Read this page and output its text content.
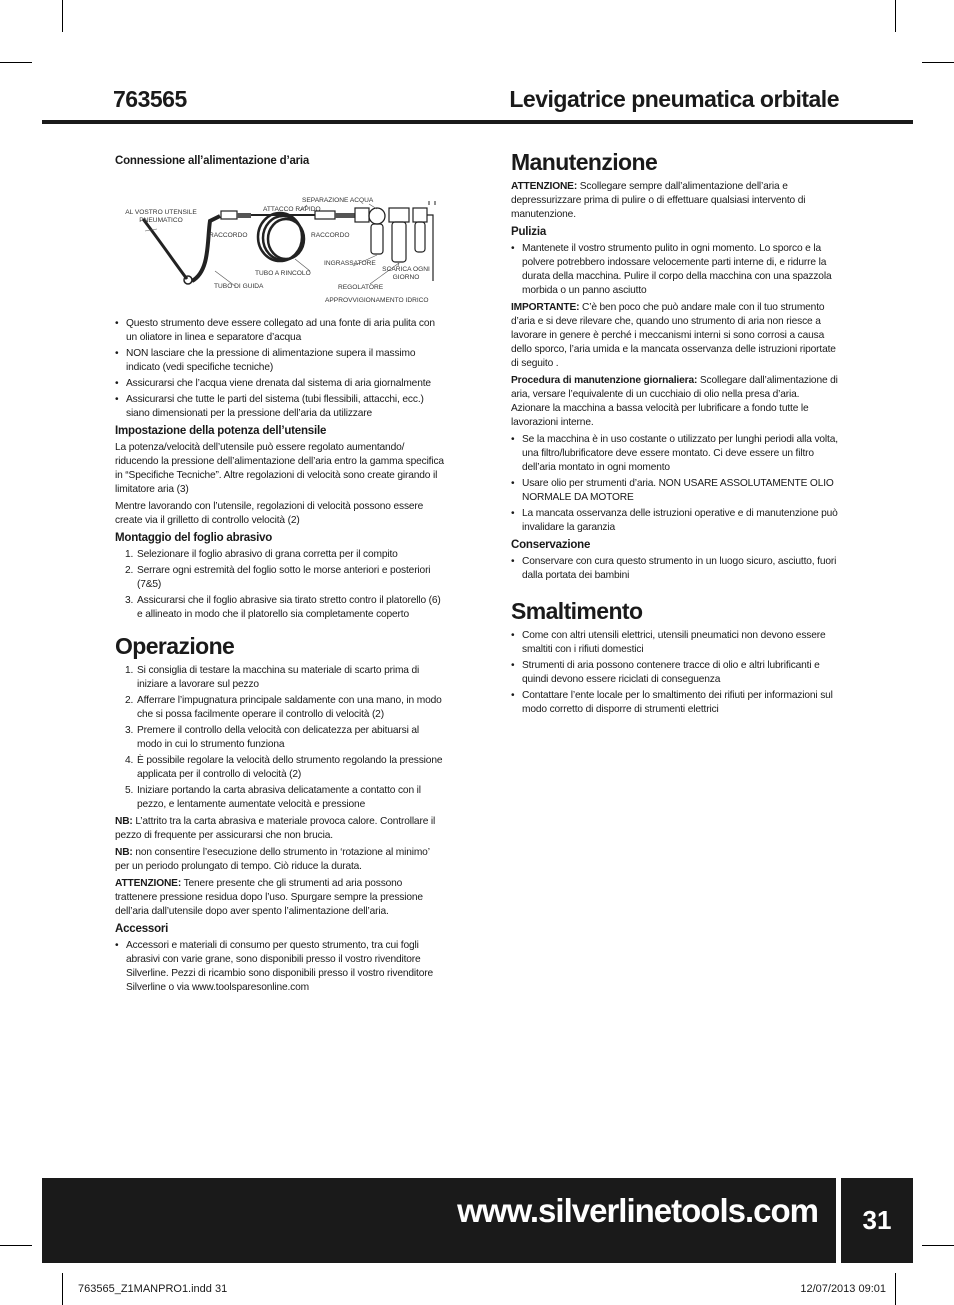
763565	Levigatrice pneumatica orbitale
Connessione all’alimentazione d’aria
AL VOSTRO UTENSILE PNEUMATICO
SEPARAZIONE ACQUA
ATTACCO RAPIDO
RACCORDO	RACCORDO
INGRASSATORE
SCARICA OGNI GIORNO
TUBO A RINCOLO
TUBO DI GUIDA	REGOLATORE
APPROVVIGIONAMENTO IDRICO
• Questo strumento deve essere collegato ad una fonte di aria pulita con un oliatore in linea e separatore d’acqua
• NON lasciare che la pressione di alimentazione supera il massimo indicato (vedi specifiche tecniche)
• Assicurarsi che l’acqua viene drenata dal sistema di aria giornalmente
• Assicurarsi che tutte le parti del sistema (tubi flessibili, attacchi, ecc.) siano dimensionati per la pressione dell’aria da utilizzare
Impostazione della potenza dell’utensile

La potenza/velocità dell’utensile può essere regolato aumentando/ riducendo la pressione dell’alimentazione dell’aria entro la gamma specifica in “Specifiche Tecniche”. Altre regolazioni di velocità sono create girando il limitatore aria (3)

Mentre lavorando con l’utensile, regolazioni di velocità possono essere create via il grilletto di controllo velocità (2)

Montaggio del foglio abrasivo
1. Selezionare il foglio abrasivo di grana corretta per il compito
2. Serrare ogni estremità del foglio sotto le morse anteriori e posteriori (7&5)
3. Assicurarsi che il foglio abrasive sia tirato stretto contro il platorello (6) e allineato in modo che il platorello sia completamente coperto
Operazione
1. Si consiglia di testare la macchina su materiale di scarto prima di iniziare a lavorare sul pezzo
2. Afferrare l’impugnatura principale saldamente con una mano, in modo che si possa facilmente operare il controllo di velocità (2)
3. Premere il controllo della velocità con delicatezza per abituarsi al modo in cui lo strumento funziona
4. È possibile regolare la velocità dello strumento regolando la pressione applicata per il controllo di velocità (2)
5. Iniziare portando la carta abrasiva delicatamente a contatto con il pezzo, e lentamente aumentate velocità e pressione

NB: L’attrito tra la carta abrasiva e materiale provoca calore. Controllare il pezzo di frequente per assicurarsi che non brucia.

NB: non consentire l’esecuzione dello strumento in ‘rotazione al minimo’ per un periodo prolungato di tempo. Ciò riduce la durata.

ATTENZIONE: Tenere presente che gli strumenti ad aria possono trattenere pressione residua dopo l’uso. Spurgare sempre la pressione dell’aria dall’utensile dopo aver spento l’alimentazione dell’aria.

Accessori
• Accessori e materiali di consumo per questo strumento, tra cui fogli abrasivi con varie grane, sono disponibili presso il vostro rivenditore Silverline. Pezzi di ricambio sono disponibili presso il vostro rivenditore Silverline o via www.toolsparesonline.com
Manutenzione

ATTENZIONE: Scollegare sempre dall’alimentazione dell’aria e depressurizzare prima di pulire o di effettuare qualsiasi intervento di manutenzione.

Pulizia
• Mantenete il vostro strumento pulito in ogni momento. Lo sporco e la polvere potrebbero indossare velocemente parti interne di, e ridurre la durata della macchina. Pulire il corpo della macchina con una spazzola morbida o un panno asciutto

IMPORTANTE: C’è ben poco che può andare male con il tuo strumento d’aria e si deve rilevare che, quando uno strumento di aria non riesce a lavorare in genere è perché i meccanismi interni si sono corrosi a causa dello sporco, l’aria umida e la mancata osservanza delle istruzioni riportate di seguito .

Procedura di manutenzione giornaliera: Scollegare dall’alimentazione di aria, versare l’equivalente di un cucchiaio di olio nella presa d’aria. Azionare la macchina a bassa velocità per lubrificare a fondo tutte le lavorazioni interne.

• Se la macchina è in uso costante o utilizzato per lunghi periodi alla volta, una filtro/lubrificatore deve essere montato. Ci deve essere un filtro dell’aria montato in ogni momento
• Usare olio per strumenti d’aria. NON USARE ASSOLUTAMENTE OLIO NORMALE DA MOTORE
• La mancata osservanza delle istruzioni operative e di manutenzione può invalidare la garanzia
Conservazione
• Conservare con cura questo strumento in un luogo sicuro, asciutto, fuori dalla portata dei bambini
Smaltimento
• Come con altri utensili elettrici, utensili pneumatici non devono essere smaltiti con i rifiuti domestici
• Strumenti di aria possono contenere tracce di olio e altri lubrificanti e quindi devono essere riciclati di conseguenza
• Contattare l’ente locale per lo smaltimento dei rifiuti per informazioni sul modo corretto di disporre di strumenti elettrici
www.silverlinetools.com	31
763565_Z1MANPRO1.indd 31	12/07/2013 09:01
